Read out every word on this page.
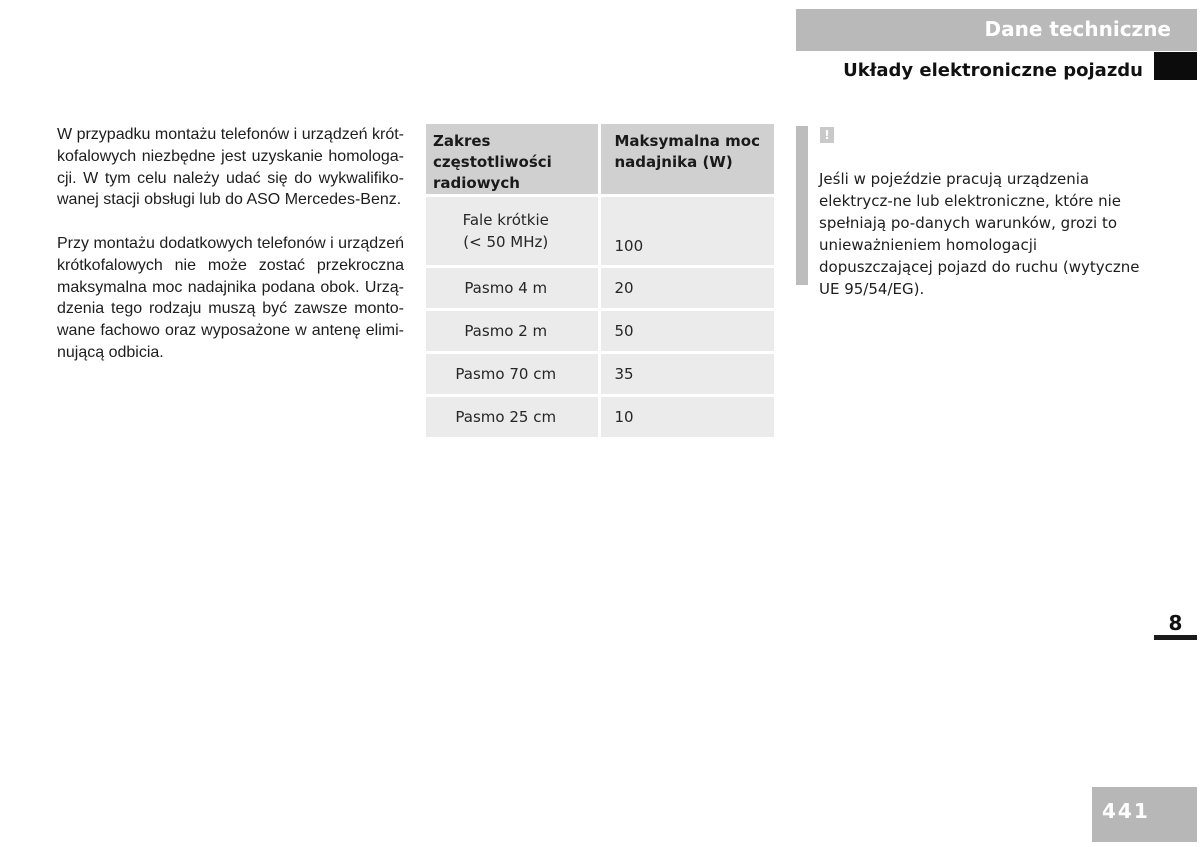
Dane techniczne
Układy elektroniczne pojazdu

W przypadku montażu telefonów i urządzeń krót-kofalowych niezbędne jest uzyskanie homologa-cji. W tym celu należy udać się do wykwalifiko-wanej stacji obsługi lub do ASO Mercedes-Benz.

Przy montażu dodatkowych telefonów i urządzeń krótkofalowych nie może zostać przekroczna maksymalna moc nadajnika podana obok. Urzą-dzenia tego rodzaju muszą być zawsze monto-wane fachowo oraz wyposażone w antenę elimi-nującą odbicia.

Zakres częstotliwości radiowych	Maksymalna moc nadajnika (W)
Fale krótkie
(< 50 MHz)	100
Pasmo 4 m	20
Pasmo 2 m	50
Pasmo 70 cm	35
Pasmo 25 cm	10
!

Jeśli w pojeździe pracują urządzenia elektrycz-ne lub elektroniczne, które nie spełniają po-danych warunków, grozi to unieważnieniem homologacji dopuszczającej pojazd do ruchu (wytyczne UE 95/54/EG).

8
441
